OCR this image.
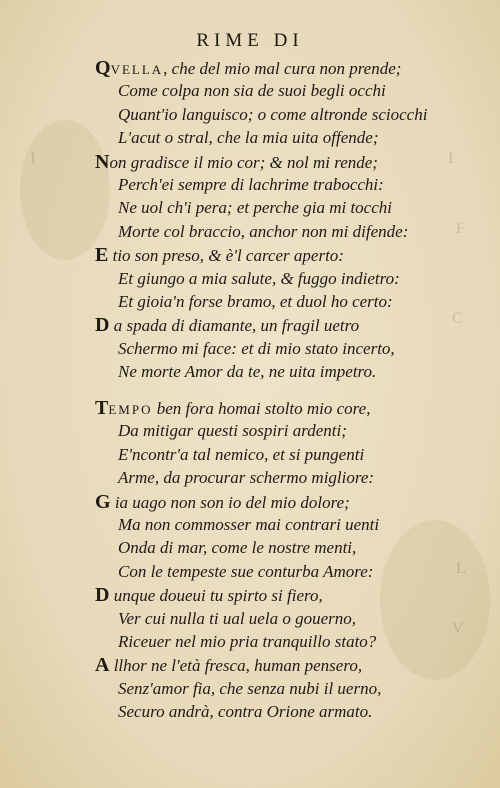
I
F
C
L
V
I
RIME DI
QVELLA, che del mio mal cura non prende;
Come colpa non sia de suoi begli occhi
Quant'io languisco; o come altronde sciocchi
L'acut o stral, che la mia uita offende;
Non gradisce il mio cor; & nol mi rende;
Perch'ei sempre di lachrime trabocchi:
Ne uol ch'i pera; et perche gia mi tocchi
Morte col braccio, anchor non mi difende:
E tio son preso, & è'l carcer aperto:
Et giungo a mia salute, & fuggo indietro:
Et gioia'n forse bramo, et duol ho certo:
D a spada di diamante, un fragil uetro
Schermo mi face: et di mio stato incerto,
Ne morte Amor da te, ne uita impetro.
TEMPO ben fora homai stolto mio core,
Da mitigar questi sospiri ardenti;
E'ncontr'a tal nemico, et si pungenti
Arme, da procurar schermo migliore:
G ia uago non son io del mio dolore;
Ma non commosser mai contrari uenti
Onda di mar, come le nostre menti,
Con le tempeste sue conturba Amore:
D unque doueui tu spirto si fiero,
Ver cui nulla ti ual uela o gouerno,
Riceuer nel mio pria tranquillo stato?
A llhor ne l'età fresca, human pensero,
Senz'amor fia, che senza nubi il uerno,
Securo andrà, contra Orione armato.
